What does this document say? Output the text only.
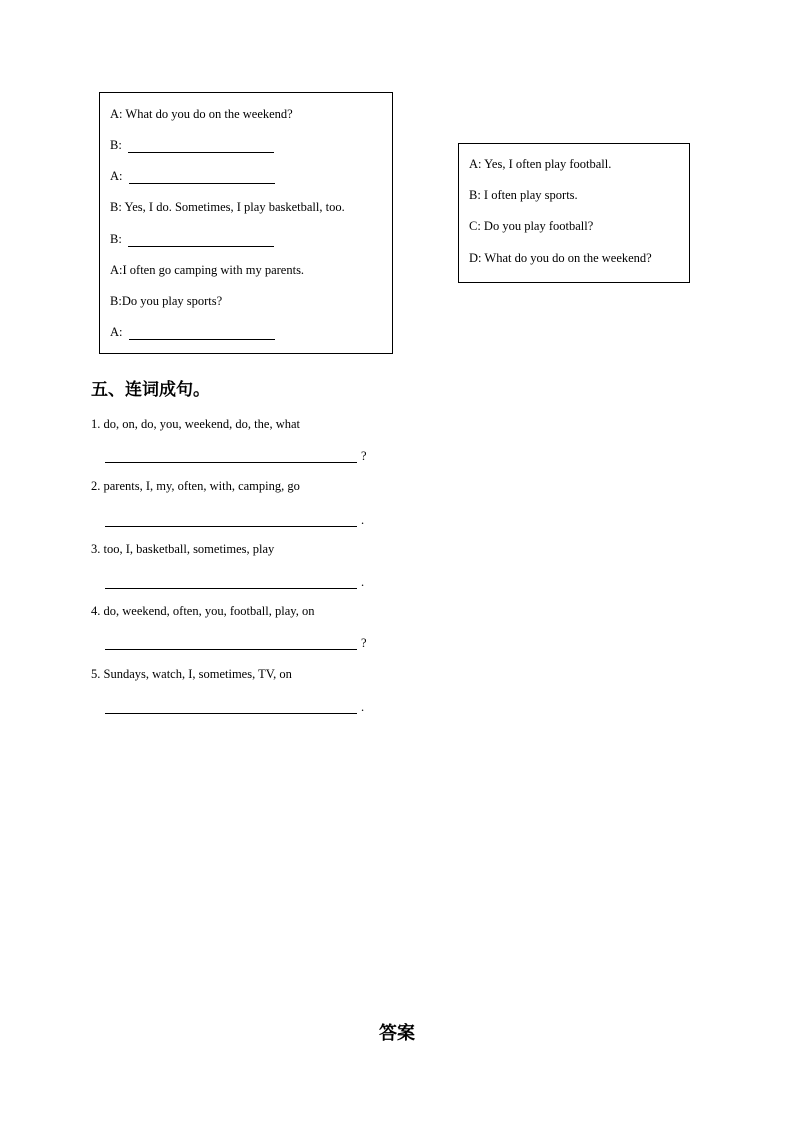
A: What do you do on the weekend?
B:
A:
B: Yes, I do. Sometimes, I play basketball, too.
B:
A:I often go camping with my parents.
B:Do you play sports?
A:
A: Yes, I often play football.
B: I often play sports.
C: Do you play football?
D: What do you do on the weekend?
五、连词成句。
1. do, on, do, you, weekend, do, the, what
?
2. parents, I, my, often, with, camping, go
.
3. too, I, basketball, sometimes, play
.
4. do, weekend, often, you, football, play, on
?
5. Sundays, watch, I, sometimes, TV, on
.
答案
